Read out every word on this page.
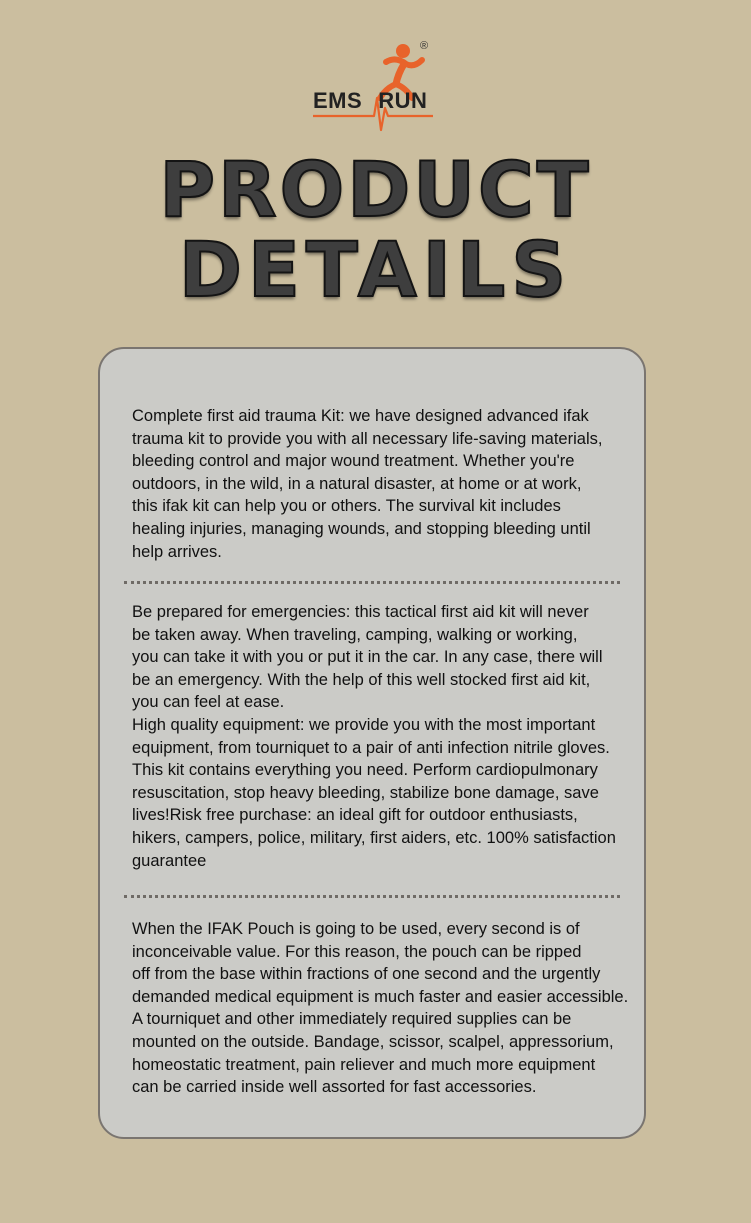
EMS RUN
®
PRODUCT
DETAILS

Complete first aid trauma Kit: we have designed advanced ifak
trauma kit to provide you with all necessary life-saving materials,
bleeding control and major wound treatment. Whether you're
outdoors, in the wild, in a natural disaster, at home or at work,
this ifak kit can help you or others. The survival kit includes
healing injuries, managing wounds, and stopping bleeding until
help arrives.

Be prepared for emergencies: this tactical first aid kit will never
be taken away. When traveling, camping, walking or working,
you can take it with you or put it in the car. In any case, there will
be an emergency. With the help of this well stocked first aid kit,
you can feel at ease.
High quality equipment: we provide you with the most important
equipment, from tourniquet to a pair of anti infection nitrile gloves.
This kit contains everything you need. Perform cardiopulmonary
resuscitation, stop heavy bleeding, stabilize bone damage, save
lives!Risk free purchase: an ideal gift for outdoor enthusiasts,
hikers, campers, police, military, first aiders, etc. 100% satisfaction
guarantee

When the IFAK Pouch is going to be used, every second is of
inconceivable value. For this reason, the pouch can be ripped
off from the base within fractions of one second and the urgently
demanded medical equipment is much faster and easier accessible.
A tourniquet and other immediately required supplies can be
mounted on the outside. Bandage, scissor, scalpel, appressorium,
homeostatic treatment, pain reliever and much more equipment
can be carried inside well assorted for fast accessories.
